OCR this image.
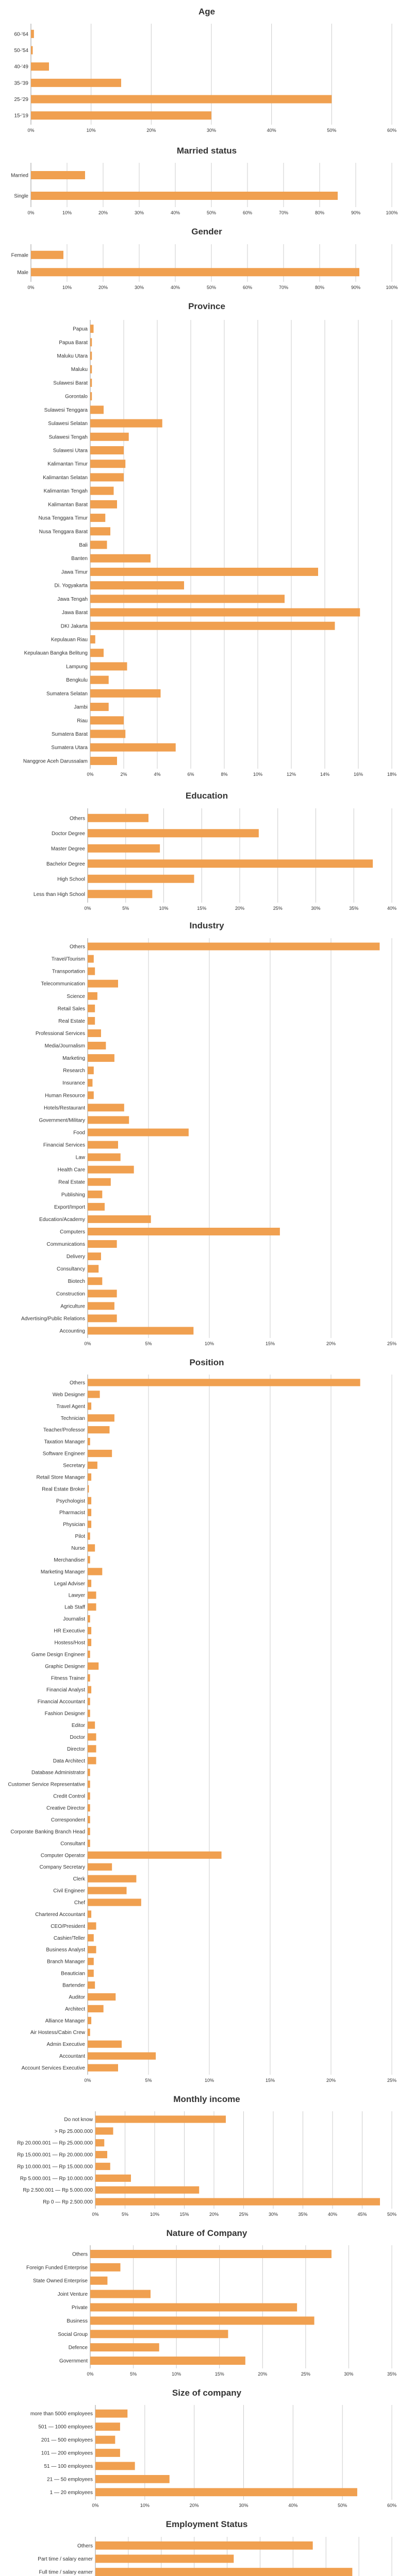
Age
0%	10%	20%	30%	40%	50%	60%
60-'64
50-'54
40-'49
35-'39
25-'29
15-'19
Married status
0%	10%	20%	30%	40%	50%	60%	70%	80%	90%	100%
Married
Single
Gender
0%	10%	20%	30%	40%	50%	60%	70%	80%	90%	100%
Female
Male
Province
0%	2%	4%	6%	8%	10%	12%	14%	16%	18%
Papua
Papua Barat
Maluku Utara
Maluku
Sulawesi Barat
Gorontalo
Sulawesi Tenggara
Sulawesi Selatan
Sulawesi Tengah
Sulawesi Utara
Kalimantan Timur
Kalimantan Selatan
Kalimantan Tengah
Kalimantan Barat
Nusa Tenggara Timur
Nusa Tenggara Barat
Bali
Banten
Jawa Timur
Di. Yogyakarta
Jawa Tengah
Jawa Barat
DKI Jakarta
Kepulauan Riau
Kepulauan Bangka Belitung
Lampung
Bengkulu
Sumatera Selatan
Jambi
Riau
Sumatera Barat
Sumatera Utara
Nanggroe Aceh Darussalam
Education
0%	5%	10%	15%	20%	25%	30%	35%	40%
Others
Doctor Degree
Master Degree
Bachelor Degree
High School
Less than High School
Industry
0%	5%	10%	15%	20%	25%
Others
Travel/Tourism
Transportation
Telecommunication
Science
Retail Sales
Real Estate
Professional Services
Media/Journalism
Marketing
Research
Insurance
Human Resource
Hotels/Restaurant
Government/Military
Food
Financial Services
Law
Health Care
Real Estate
Publishing
Export/Import
Education/Academy
Computers
Communications
Delivery
Consultancy
Biotech
Construction
Agriculture
Advertising/Public Relations
Accounting
Position
0%	5%	10%	15%	20%	25%
Others
Web Designer
Travel Agent
Technician
Teacher/Professor
Taxation Manager
Software Engineer
Secretary
Retail Store Manager
Real Estate Broker
Psychologist
Pharmacist
Physician
Pilot
Nurse
Merchandiser
Marketing Manager
Legal Adviser
Lawyer
Lab Staff
Journalist
HR Executive
Hostess/Host
Game Design Engineer
Graphic Designer
Fitness Trainer
Financial Analyst
Financial Accountant
Fashion Designer
Editor
Doctor
Director
Data Architect
Database Administrator
Customer Service Representative
Credit Control
Creative Director
Correspondent
Corporate Banking Branch Head
Consultant
Computer Operator
Company Secretary
Clerk
Civil Engineer
Chef
Chartered Accountant
CEO/President
Cashier/Teller
Business Analyst
Branch Manager
Beautician
Bartender
Auditor
Architect
Alliance Manager
Air Hostess/Cabin Crew
Admin Executive
Accountant
Account Services Executive
Monthly income
0%	5%	10%	15%	20%	25%	30%	35%	40%	45%	50%
Do not know
> Rp 25.000.000
Rp 20.000.001 — Rp 25.000.000
Rp 15.000.001 — Rp 20.000.000
Rp 10.000.001 — Rp 15.000.000
Rp 5.000.001 — Rp 10.000.000
Rp 2.500.001 — Rp 5.000.000
Rp 0 — Rp 2.500.000
Nature of Company
0%	5%	10%	15%	20%	25%	30%	35%
Others
Foreign Funded Enterprise
State Owned Enterprise
Joint Venture
Private
Business
Social Group
Defence
Government
Size of company
0%	10%	20%	30%	40%	50%	60%
more than 5000 employees
501 — 1000 employees
201 — 500 employees
101 — 200 employees
51 — 100 employees
21 — 50 employees
1 — 20 employees
Employment Status
Others
Part time / salary earner
Full time / salary earner
